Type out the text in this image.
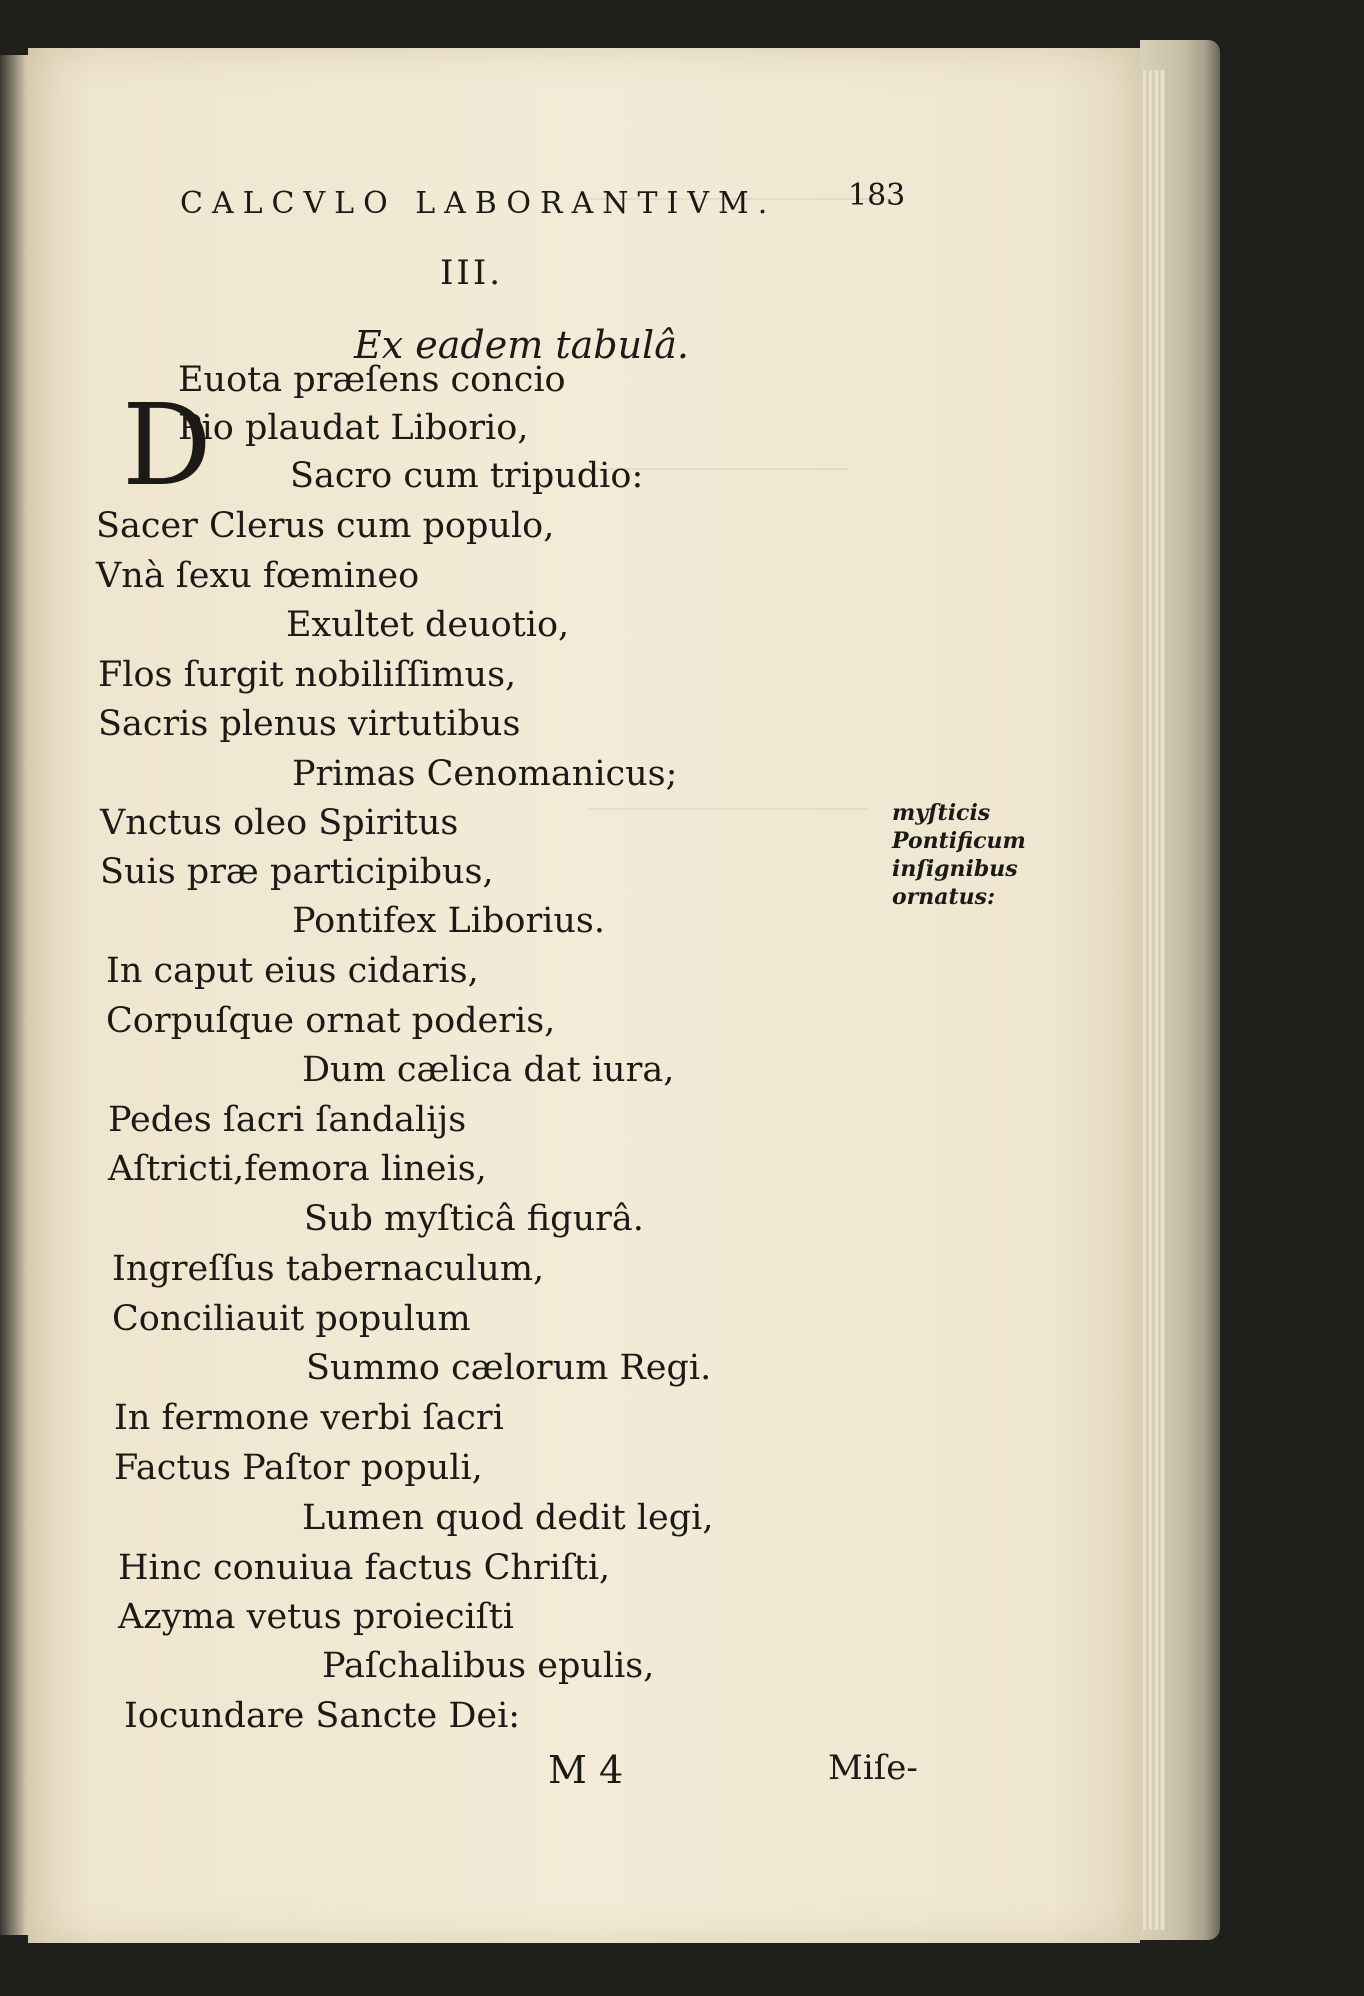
CALCVLO LABORANTIVM. 183
III.
Ex eadem tabulâ.
D
Euota præſens concio
Pio plaudat Liborio,
Sacro cum tripudio:
Sacer Clerus cum populo,
Vnà ſexu fœmineo
Exultet deuotio,
Flos ſurgit nobiliſſimus,
Sacris plenus virtutibus
Primas Cenomanicus;
Vnctus oleo Spiritus
Suis præ participibus,
Pontifex Liborius.
In caput eius cidaris,
Corpuſque ornat poderis,
Dum cælica dat iura,
Pedes ſacri ſandalijs
Aſtricti,femora lineis,
Sub myſticâ figurâ.
Ingreſſus tabernaculum,
Conciliauit populum
Summo cælorum Regi.
In fermone verbi ſacri
Factus Paſtor populi,
Lumen quod dedit legi,
Hinc conuiua factus Chriſti,
Azyma vetus proieciſti
Paſchalibus epulis,
Iocundare Sancte Dei:
myſticis
Pontificum
inſignibus
ornatus:
M 4	Miſe-
